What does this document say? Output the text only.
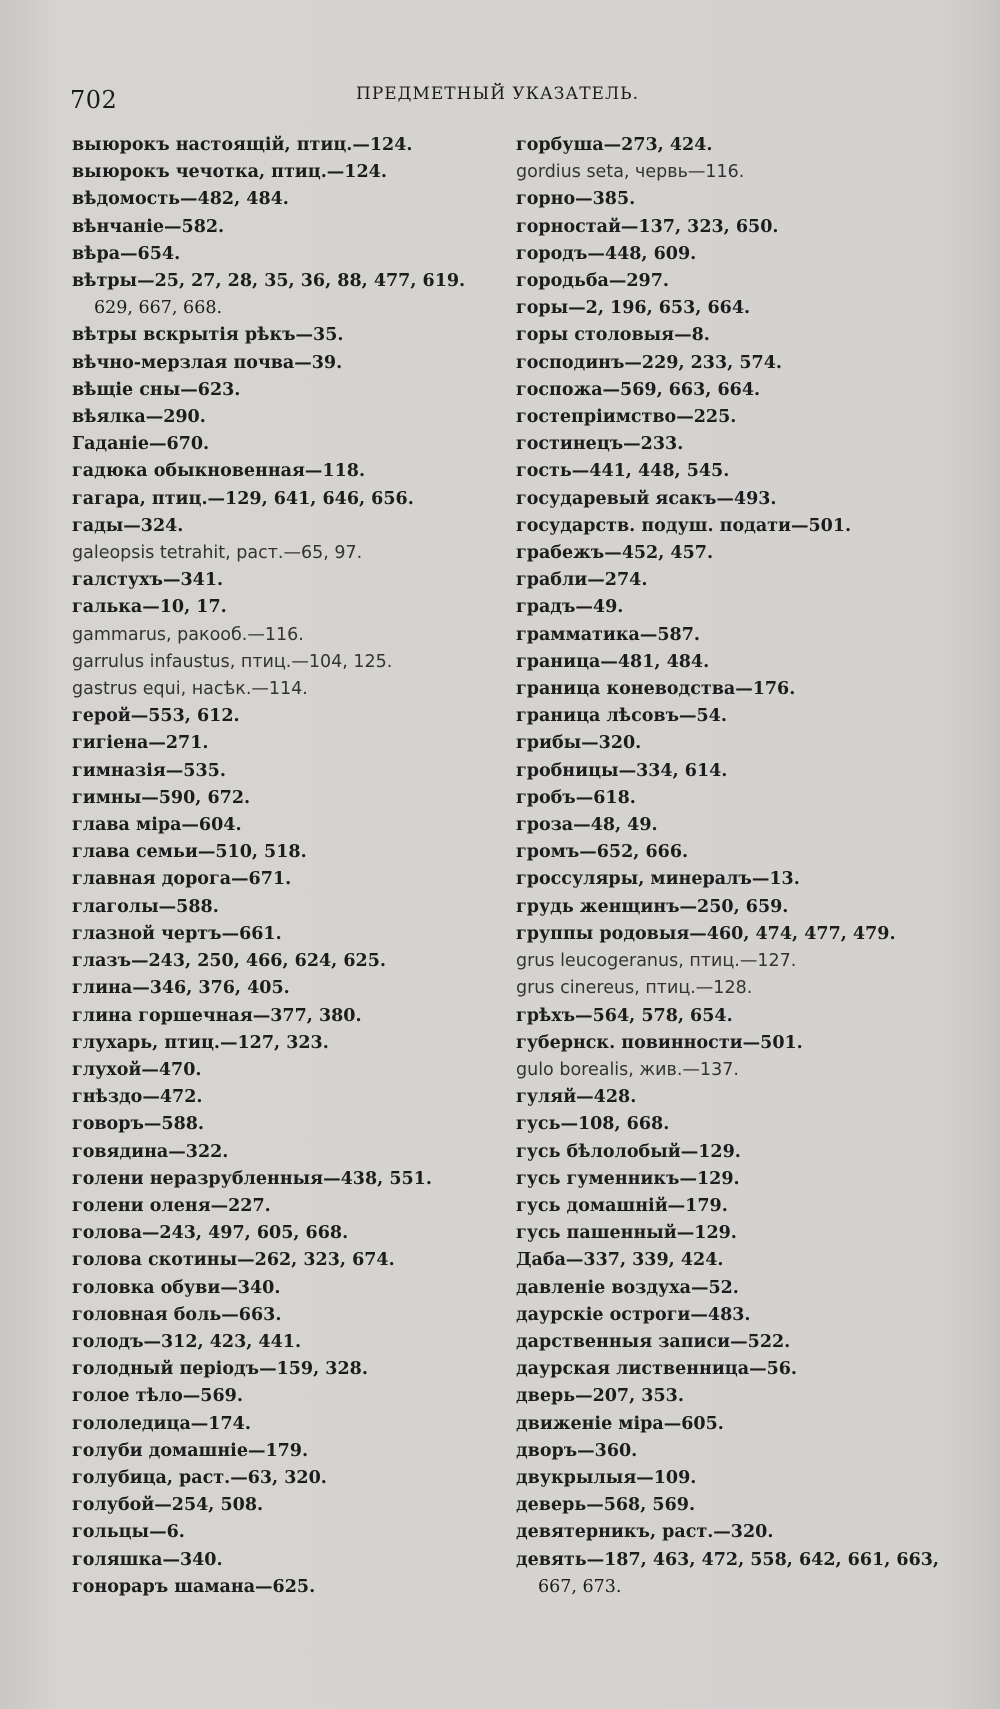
702	ПРЕДМЕТНЫЙ УКАЗАТЕЛЬ.
выюрокъ настоящій, птиц.—124.
выюрокъ чечотка, птиц.—124.
вѣдомость—482, 484.
вѣнчаніе—582.
вѣра—654.
вѣтры—25, 27, 28, 35, 36, 88, 477, 619.
629, 667, 668.
вѣтры вскрытія рѣкъ—35.
вѣчно-мерзлая почва—39.
вѣщіе сны—623.
вѣялка—290.
Гаданіе—670.
гадюка обыкновенная—118.
гагара, птиц.—129, 641, 646, 656.
гады—324.
galeopsis tetrahit, раст.—65, 97.
галстухъ—341.
галька—10, 17.
gammarus, ракооб.—116.
garrulus infaustus, птиц.—104, 125.
gastrus equi, насѣк.—114.
герой—553, 612.
гигіена—271.
гимназія—535.
гимны—590, 672.
глава міра—604.
глава семьи—510, 518.
главная дорога—671.
глаголы—588.
глазной чертъ—661.
глазъ—243, 250, 466, 624, 625.
глина—346, 376, 405.
глина горшечная—377, 380.
глухарь, птиц.—127, 323.
глухой—470.
гнѣздо—472.
говоръ—588.
говядина—322.
голени неразрубленныя—438, 551.
голени оленя—227.
голова—243, 497, 605, 668.
голова скотины—262, 323, 674.
головка обуви—340.
головная боль—663.
голодъ—312, 423, 441.
голодный періодъ—159, 328.
голое тѣло—569.
гололедица—174.
голуби домашніе—179.
голубица, раст.—63, 320.
голубой—254, 508.
гольцы—6.
голяшка—340.
гонораръ шамана—625.
горбуша—273, 424.
gordius seta, червь—116.
горно—385.
горностай—137, 323, 650.
городъ—448, 609.
городьба—297.
горы—2, 196, 653, 664.
горы столовыя—8.
господинъ—229, 233, 574.
госпожа—569, 663, 664.
гостепріимство—225.
гостинецъ—233.
гость—441, 448, 545.
государевый ясакъ—493.
государств. подуш. подати—501.
грабежъ—452, 457.
грабли—274.
градъ—49.
грамматика—587.
граница—481, 484.
граница коневодства—176.
граница лѣсовъ—54.
грибы—320.
гробницы—334, 614.
гробъ—618.
гроза—48, 49.
громъ—652, 666.
гроссуляры, минералъ—13.
грудь женщинъ—250, 659.
группы родовыя—460, 474, 477, 479.
grus leucogeranus, птиц.—127.
grus cinereus, птиц.—128.
грѣхъ—564, 578, 654.
губернск. повинности—501.
gulo borealis, жив.—137.
гуляй—428.
гусь—108, 668.
гусь бѣлолобый—129.
гусь гуменникъ—129.
гусь домашній—179.
гусь пашенный—129.
Даба—337, 339, 424.
давленіе воздуха—52.
даурскіе остроги—483.
дарственныя записи—522.
даурская лиственница—56.
дверь—207, 353.
движеніе міра—605.
дворъ—360.
двукрылыя—109.
деверь—568, 569.
девятерникъ, раст.—320.
девять—187, 463, 472, 558, 642, 661, 663,
667, 673.
